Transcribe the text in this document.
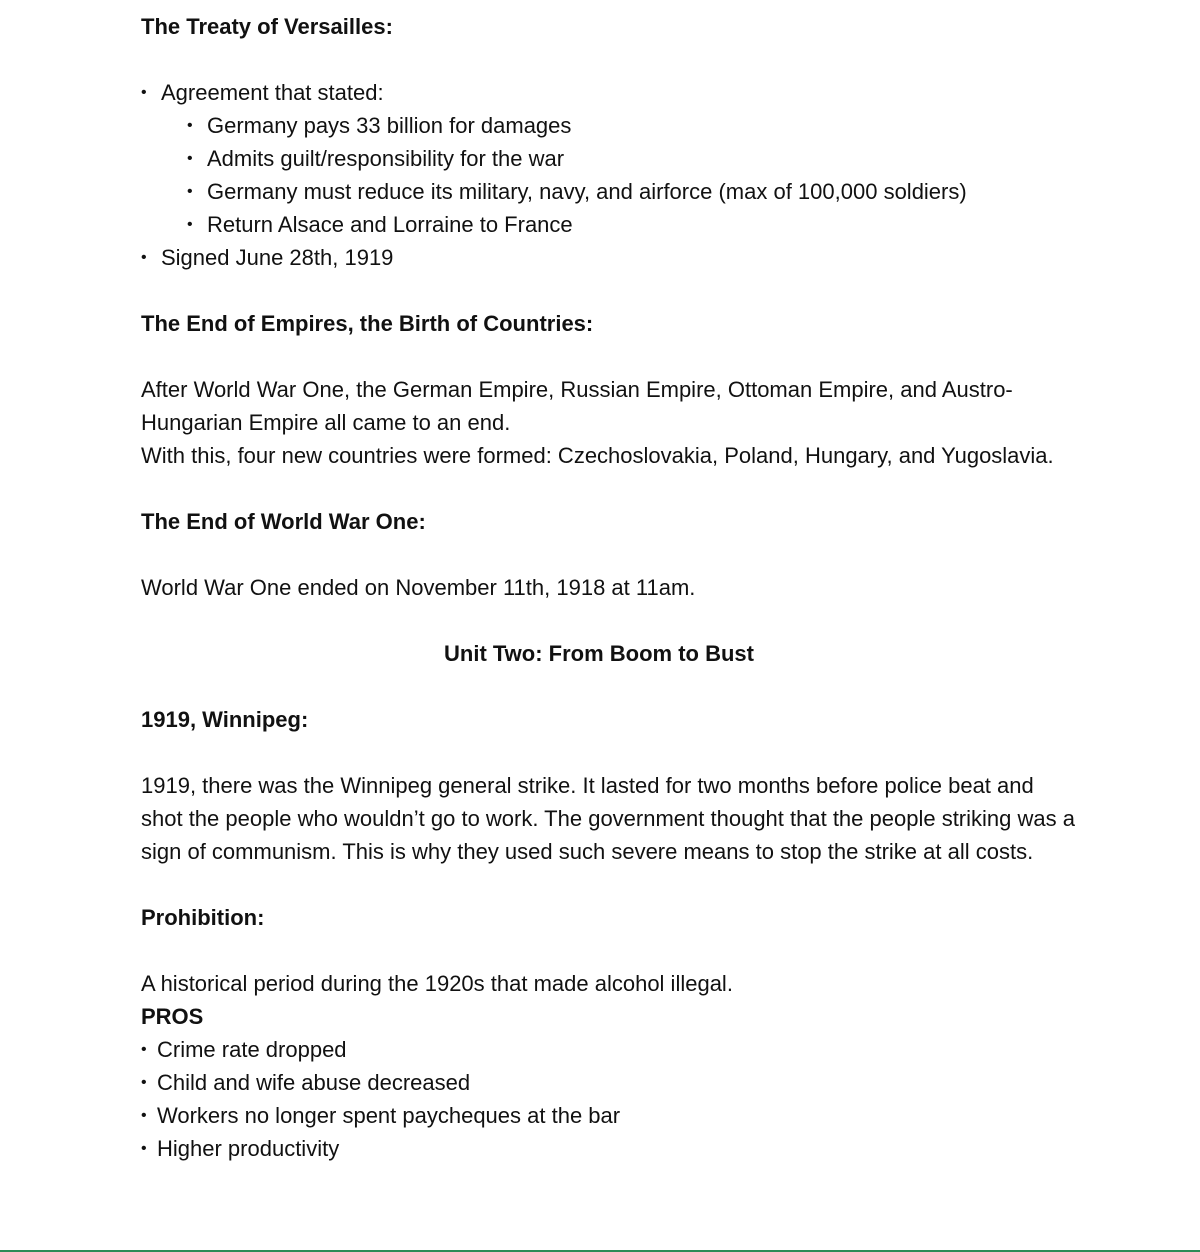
The Treaty of Versailles:
• Agreement that stated:
• Germany pays 33 billion for damages
• Admits guilt/responsibility for the war
• Germany must reduce its military, navy, and airforce (max of 100,000 soldiers)
• Return Alsace and Lorraine to France
• Signed June 28th, 1919
The End of Empires, the Birth of Countries:

After World War One, the German Empire, Russian Empire, Ottoman Empire, and Austro-Hungarian Empire all came to an end.

With this, four new countries were formed: Czechoslovakia, Poland, Hungary, and Yugoslavia.

The End of World War One:

World War One ended on November 11th, 1918 at 11am.

Unit Two: From Boom to Bust
1919, Winnipeg:

1919, there was the Winnipeg general strike. It lasted for two months before police beat and shot the people who wouldn’t go to work. The government thought that the people striking was a sign of communism. This is why they used such severe means to stop the strike at all costs.

Prohibition:

A historical period during the 1920s that made alcohol illegal.

PROS

• Crime rate dropped
• Child and wife abuse decreased
• Workers no longer spent paycheques at the bar
• Higher productivity
